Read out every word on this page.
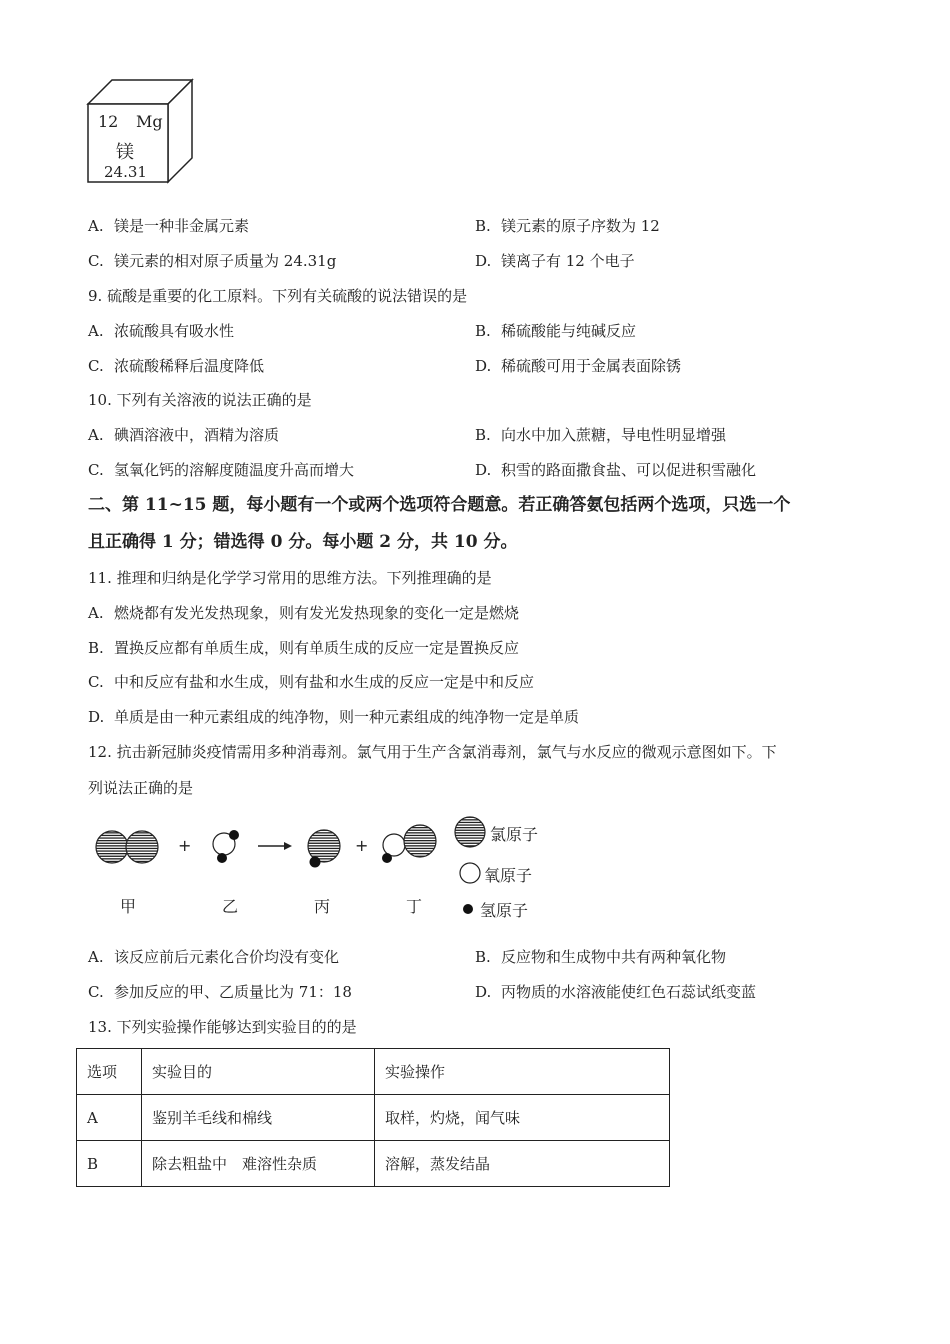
12 Mg
镁
24.31
A. 镁是一种非金属元素	B. 镁元素的原子序数为 12
C. 镁元素的相对原子质量为 24.31g	D. 镁离子有 12 个电子
9. 硫酸是重要的化工原料。下列有关硫酸的说法错误的是
A. 浓硫酸具有吸水性	B. 稀硫酸能与纯碱反应
C. 浓硫酸稀释后温度降低	D. 稀硫酸可用于金属表面除锈
10. 下列有关溶液的说法正确的是
A. 碘酒溶液中，酒精为溶质	B. 向水中加入蔗糖，导电性明显增强
C. 氢氧化钙的溶解度随温度升高而增大	D. 积雪的路面撒食盐、可以促进积雪融化
二、第 11~15 题，每小题有一个或两个选项符合题意。若正确答氨包括两个选项，只选一个
且正确得 1 分；错选得 0 分。每小题 2 分，共 10 分。
11. 推理和归纳是化学学习常用的思维方法。下列推理确的是
A. 燃烧都有发光发热现象，则有发光发热现象的变化一定是燃烧
B. 置换反应都有单质生成，则有单质生成的反应一定是置换反应
C. 中和反应有盐和水生成，则有盐和水生成的反应一定是中和反应
D. 单质是由一种元素组成的纯净物，则一种元素组成的纯净物一定是单质
12. 抗击新冠肺炎疫情需用多种消毒剂。氯气用于生产含氯消毒剂，氯气与水反应的微观示意图如下。下
列说法正确的是
+	+
甲	乙	丙	丁
氯原子
氧原子
氢原子
A. 该反应前后元素化合价均没有变化	B. 反应物和生成物中共有两种氧化物
C. 参加反应的甲、乙质量比为 71：18	D. 丙物质的水溶液能使红色石蕊试纸变蓝
13. 下列实验操作能够达到实验目的的是
选项	实验目的	实验操作
A	鉴别羊毛线和棉线	取样，灼烧，闻气味
B	除去粗盐中　难溶性杂质	溶解，蒸发结晶
